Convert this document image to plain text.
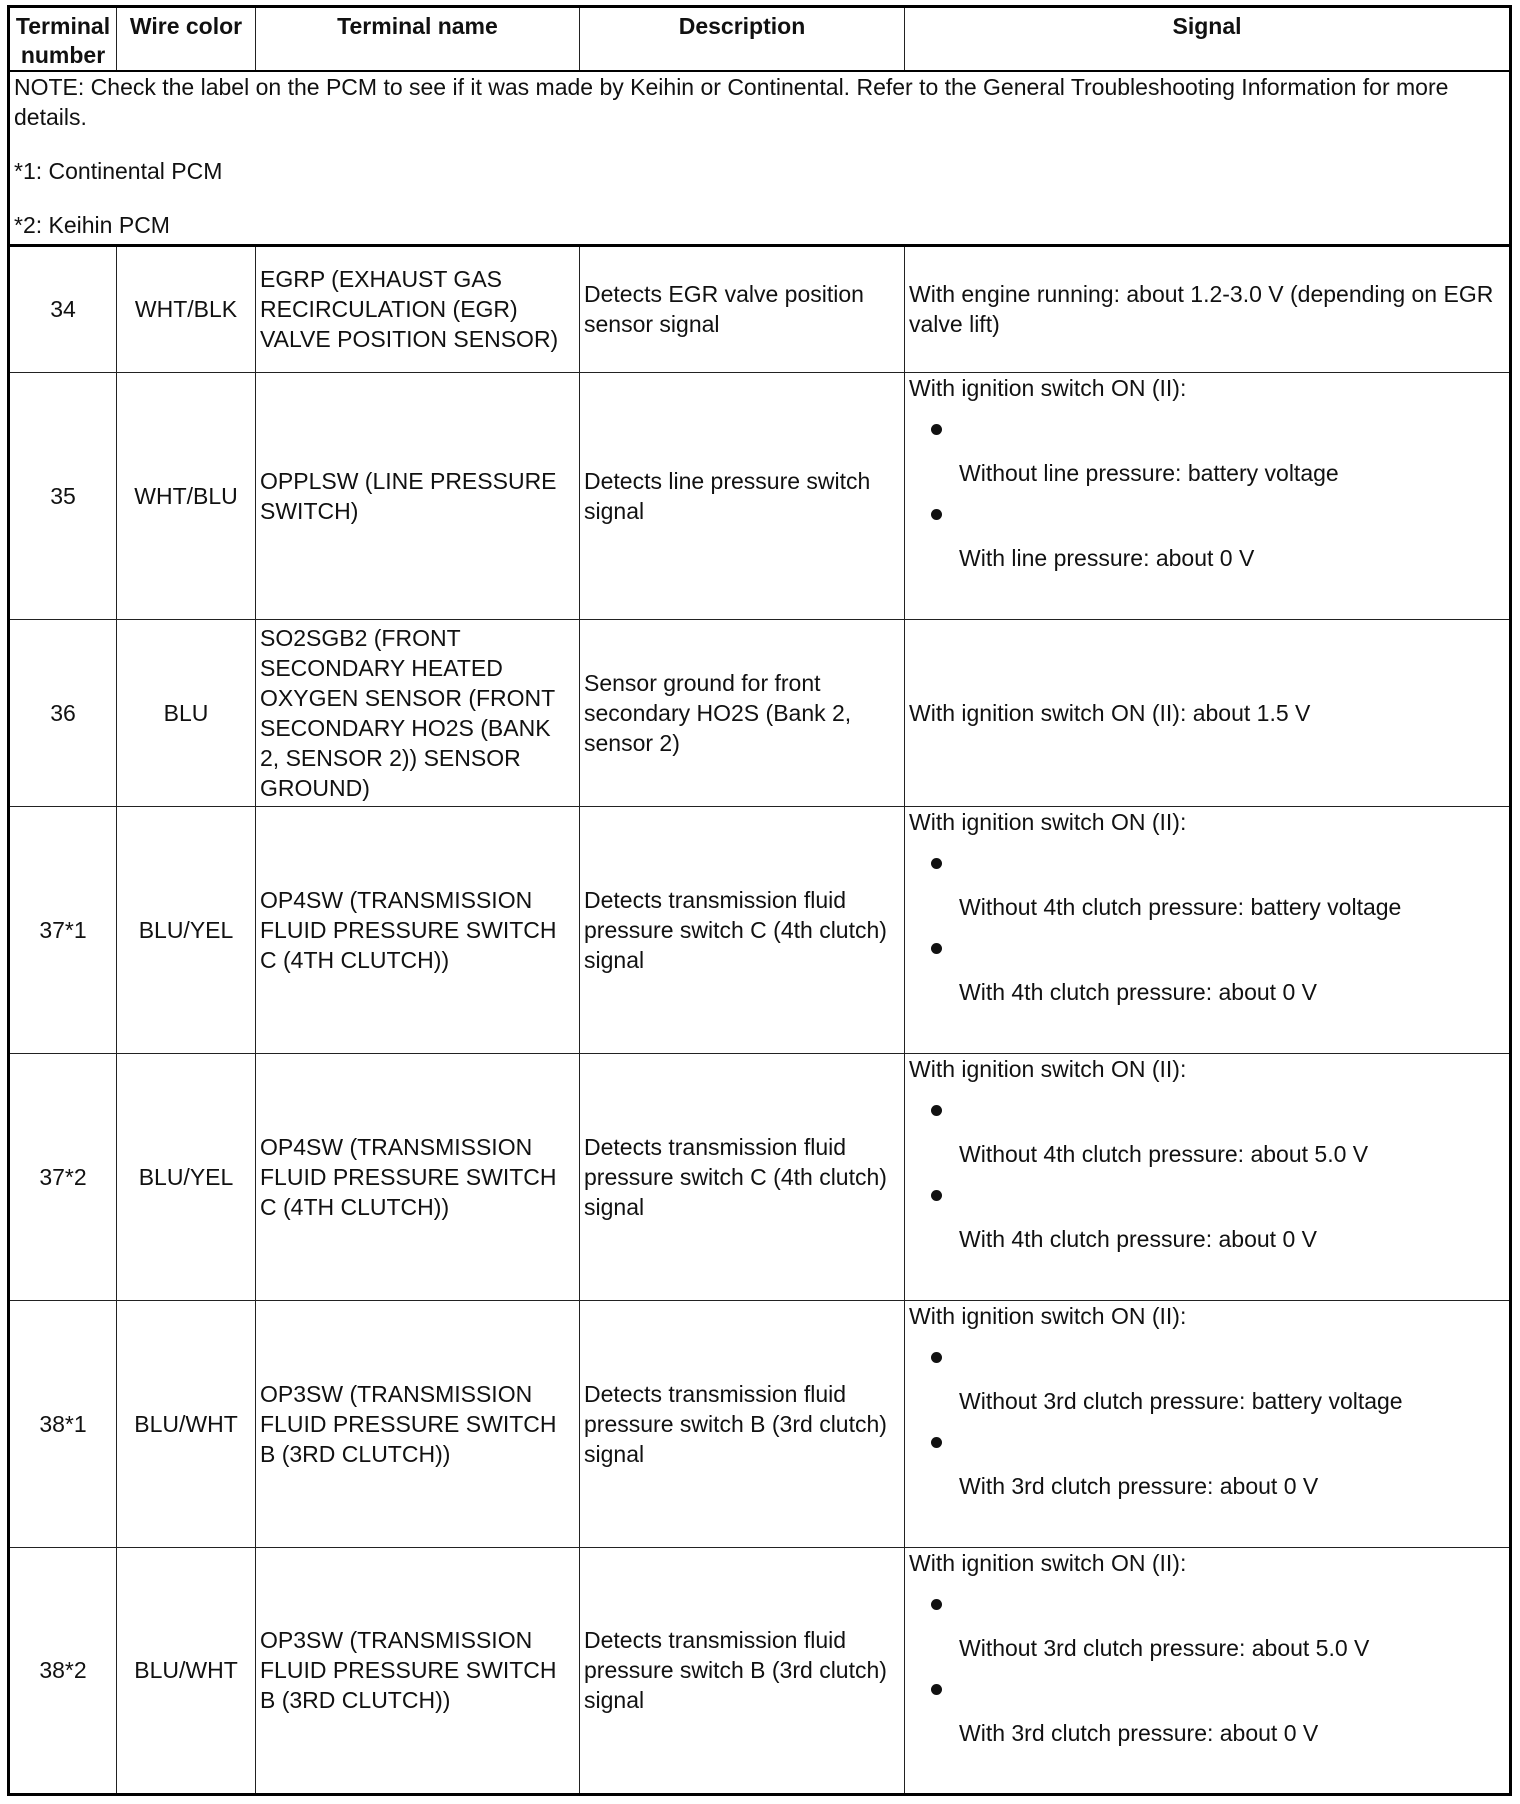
Terminal number	Wire color	Terminal name	Description	Signal

NOTE: Check the label on the PCM to see if it was made by Keihin or Continental. Refer to the General Troubleshooting Information for more details.

*1: Continental PCM

*2: Keihin PCM				

34	WHT/BLK	EGRP (EXHAUST GAS RECIRCULATION (EGR) VALVE POSITION SENSOR)	Detects EGR valve position sensor signal	With engine running: about 1.2-3.0 V (depending on EGR valve lift)
35	WHT/BLU	OPPLSW (LINE PRESSURE SWITCH)	Detects line pressure switch signal	With ignition switch ON (II):
Without line pressure: battery voltage
With line pressure: about 0 V

36	BLU	SO2SGB2 (FRONT SECONDARY HEATED OXYGEN SENSOR (FRONT SECONDARY HO2S (BANK 2, SENSOR 2)) SENSOR GROUND)	Sensor ground for front secondary HO2S (Bank 2, sensor 2)	With ignition switch ON (II): about 1.5 V
37*1	BLU/YEL	OP4SW (TRANSMISSION FLUID PRESSURE SWITCH C (4TH CLUTCH))	Detects transmission fluid pressure switch C (4th clutch) signal	With ignition switch ON (II):
Without 4th clutch pressure: battery voltage
With 4th clutch pressure: about 0 V

37*2	BLU/YEL	OP4SW (TRANSMISSION FLUID PRESSURE SWITCH C (4TH CLUTCH))	Detects transmission fluid pressure switch C (4th clutch) signal	With ignition switch ON (II):
Without 4th clutch pressure: about 5.0 V
With 4th clutch pressure: about 0 V

38*1	BLU/WHT	OP3SW (TRANSMISSION FLUID PRESSURE SWITCH B (3RD CLUTCH))	Detects transmission fluid pressure switch B (3rd clutch) signal	With ignition switch ON (II):
Without 3rd clutch pressure: battery voltage
With 3rd clutch pressure: about 0 V

38*2	BLU/WHT	OP3SW (TRANSMISSION FLUID PRESSURE SWITCH B (3RD CLUTCH))	Detects transmission fluid pressure switch B (3rd clutch) signal	With ignition switch ON (II):
Without 3rd clutch pressure: about 5.0 V
With 3rd clutch pressure: about 0 V
